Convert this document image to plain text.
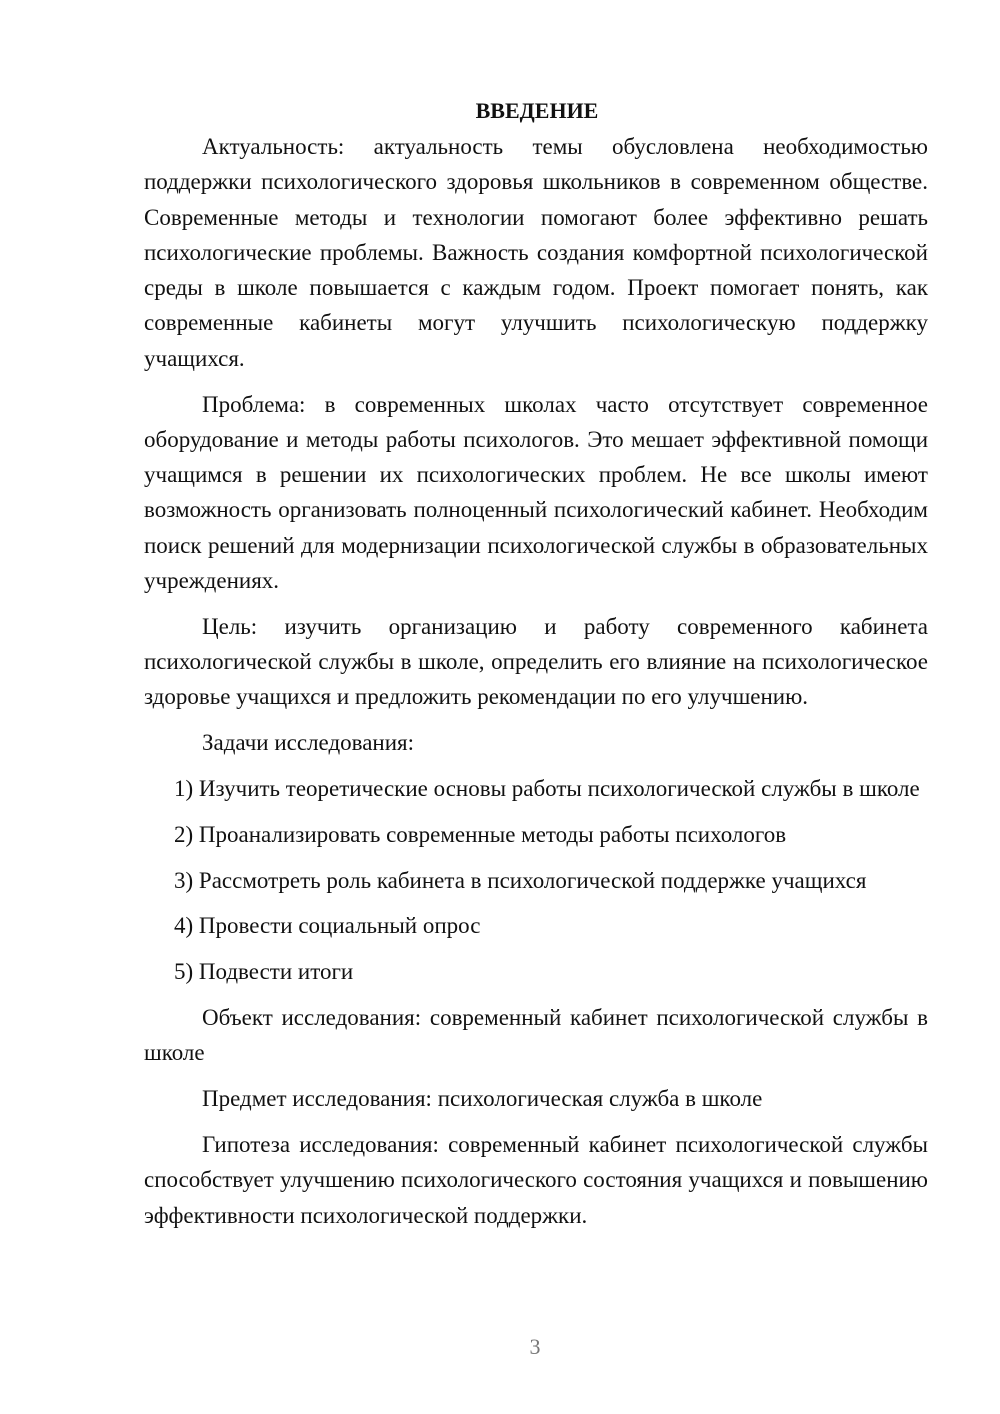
ВВЕДЕНИЕ

Актуальность: актуальность темы обусловлена необходимостью поддержки психологического здоровья школьников в современном обществе. Современные методы и технологии помогают более эффективно решать психологические проблемы. Важность создания комфортной психологической среды в школе повышается с каждым годом. Проект помогает понять, как современные кабинеты могут улучшить психологическую поддержку учащихся.

Проблема: в современных школах часто отсутствует современное оборудование и методы работы психологов. Это мешает эффективной помощи учащимся в решении их психологических проблем. Не все школы имеют возможность организовать полноценный психологический кабинет. Необходим поиск решений для модернизации психологической службы в образовательных учреждениях.

Цель: изучить организацию и работу современного кабинета психологической службы в школе, определить его влияние на психологическое здоровье учащихся и предложить рекомендации по его улучшению.

Задачи исследования:

1) Изучить теоретические основы работы психологической службы в школе

2) Проанализировать современные методы работы психологов

3) Рассмотреть роль кабинета в психологической поддержке учащихся

4) Провести социальный опрос

5) Подвести итоги

Объект исследования: современный кабинет психологической службы в школе

Предмет исследования: психологическая служба в школе

Гипотеза исследования: современный кабинет психологической службы способствует улучшению психологического состояния учащихся и повышению эффективности психологической поддержки.

3
